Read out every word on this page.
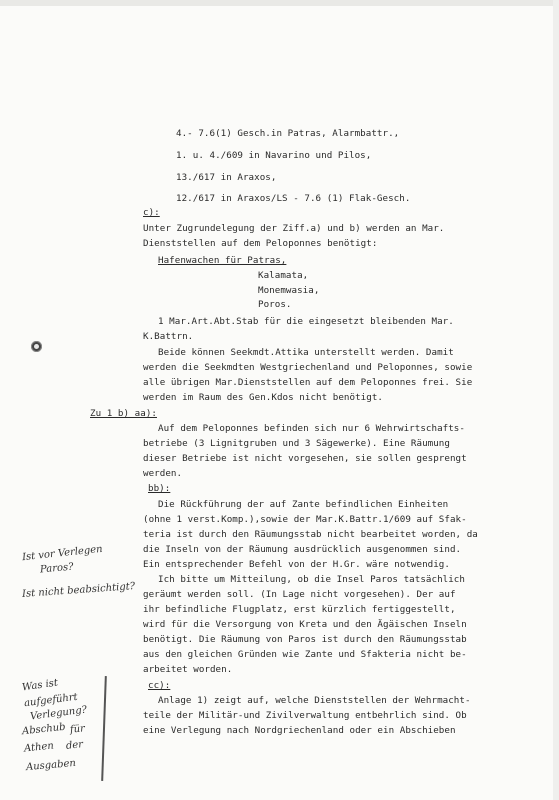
4.- 7.6(1) Gesch.in Patras, Alarmbattr.,
1. u. 4./609 in Navarino und Pilos,
13./617 in Araxos,
12./617 in Araxos/LS - 7.6 (1) Flak-Gesch.
c):
Unter Zugrundelegung der Ziff.a) und b) werden an Mar.
Dienststellen auf dem Peloponnes benötigt:
Hafenwachen für Patras,
Kalamata,
Monemwasia,
Poros.
1 Mar.Art.Abt.Stab für die eingesetzt bleibenden Mar.
K.Battrn.
Beide können Seekmdt.Attika unterstellt werden. Damit
werden die Seekmdten Westgriechenland und Peloponnes, sowie
alle übrigen Mar.Dienststellen auf dem Peloponnes frei. Sie
werden im Raum des Gen.Kdos nicht benötigt.
Zu 1 b) aa):
Auf dem Peloponnes befinden sich nur 6 Wehrwirtschafts-
betriebe (3 Lignitgruben und 3 Sägewerke). Eine Räumung
dieser Betriebe ist nicht vorgesehen, sie sollen gesprengt
werden.
bb):
Die Rückführung der auf Zante befindlichen Einheiten
(ohne 1 verst.Komp.),sowie der Mar.K.Battr.1/609 auf Sfak-
teria ist durch den Räumungsstab nicht bearbeitet worden, da
die Inseln von der Räumung ausdrücklich ausgenommen sind.
Ein entsprechender Befehl von der H.Gr. wäre notwendig.
Ich bitte um Mitteilung, ob die Insel Paros tatsächlich
geräumt werden soll. (In Lage nicht vorgesehen). Der auf
ihr befindliche Flugplatz, erst kürzlich fertiggestellt,
wird für die Versorgung von Kreta und den Ägäischen Inseln
benötigt. Die Räumung von Paros ist durch den Räumungsstab
aus den gleichen Gründen wie Zante und Sfakteria nicht be-
arbeitet worden.
cc):
Anlage 1) zeigt auf, welche Dienststellen der Wehrmacht-
teile der Militär-und Zivilverwaltung entbehrlich sind. Ob
eine Verlegung nach Nordgriechenland oder ein Abschieben
Ist vor Verlegen
Paros?
Ist nicht beabsichtigt?
Was ist
aufgeführt
Verlegung?
Abschub für
Athen der
Ausgaben
